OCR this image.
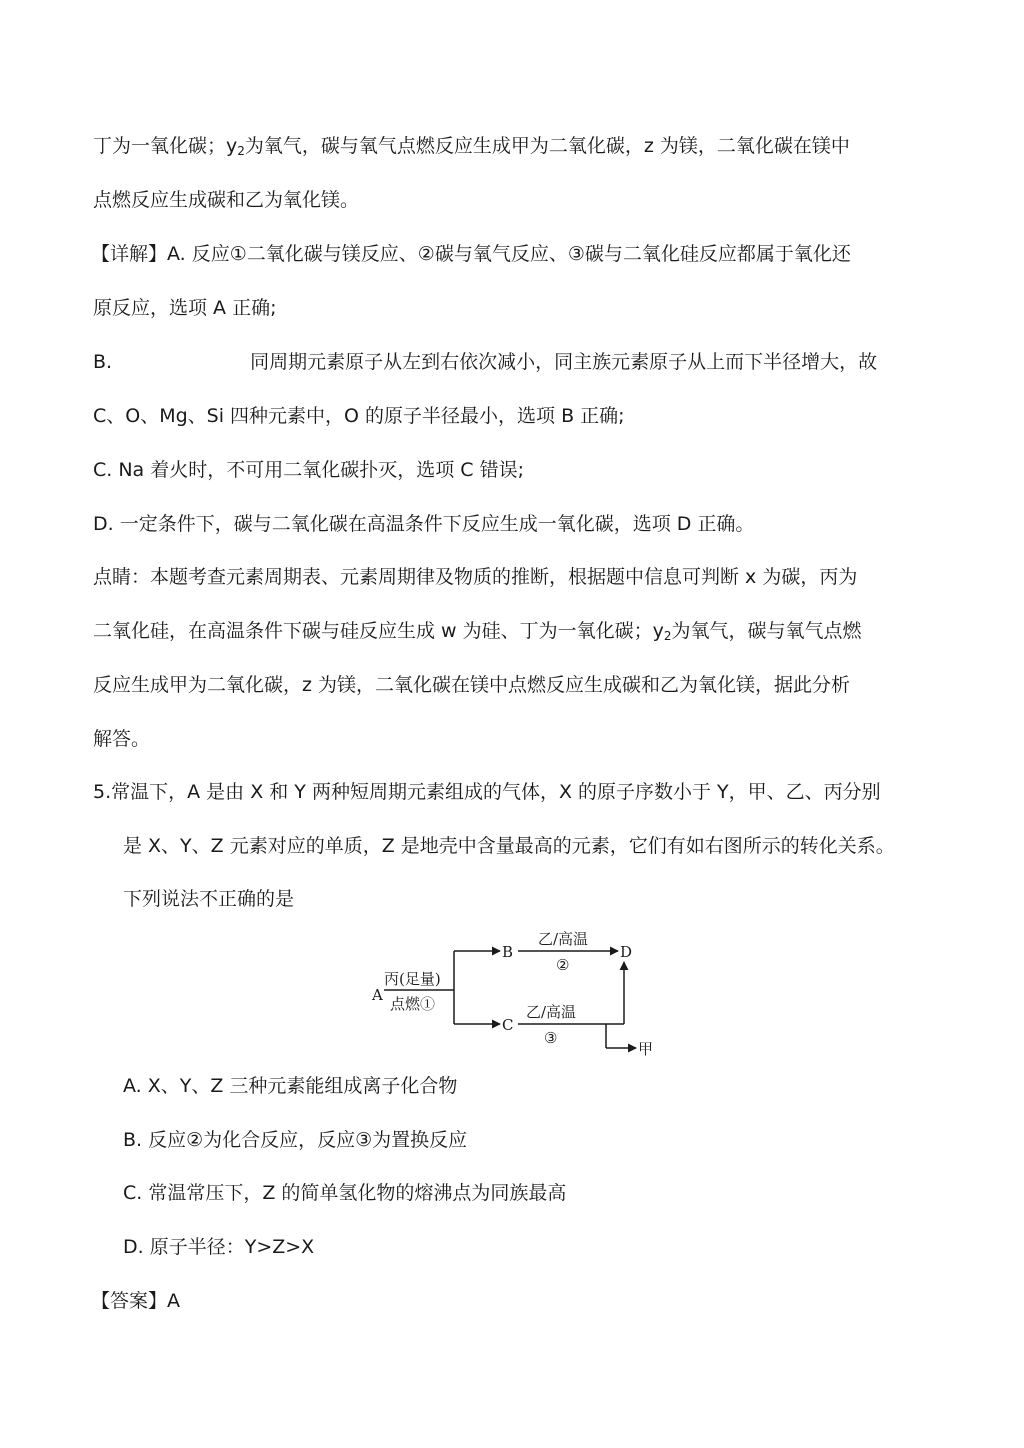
丁为一氧化碳；$y_2$为氧气，碳与氧气点燃反应生成甲为二氧化碳，z 为镁，二氧化碳在镁中
点燃反应生成碳和乙为氧化镁。
【详解】A. 反应①二氧化碳与镁反应、②碳与氧气反应、③碳与二氧化硅反应都属于氧化还
原反应，选项 A 正确;
B.	同周期元素原子从左到右依次减小，同主族元素原子从上而下半径增大，故
C、O、Mg、Si 四种元素中，O 的原子半径最小，选项 B 正确;
C. Na 着火时，不可用二氧化碳扑灭，选项 C 错误;
D. 一定条件下，碳与二氧化碳在高温条件下反应生成一氧化碳，选项 D 正确。
点睛：本题考查元素周期表、元素周期律及物质的推断，根据题中信息可判断 x 为碳，丙为
二氧化硅，在高温条件下碳与硅反应生成 w 为硅、丁为一氧化碳；$y_2$为氧气，碳与氧气点燃
反应生成甲为二氧化碳，z 为镁，二氧化碳在镁中点燃反应生成碳和乙为氧化镁，据此分析
解答。
5.常温下，A 是由 X 和 Y 两种短周期元素组成的气体，X 的原子序数小于 Y，甲、乙、丙分别
是 X、Y、Z 元素对应的单质，Z 是地壳中含量最高的元素，它们有如右图所示的转化关系。
下列说法不正确的是
A
丙(足量)
点燃①
B
C
乙/高温
②
D
乙/高温
③
甲
A. X、Y、Z 三种元素能组成离子化合物
B. 反应②为化合反应，反应③为置换反应
C. 常温常压下，Z 的简单氢化物的熔沸点为同族最高
D. 原子半径：Y>Z>X
【答案】A
